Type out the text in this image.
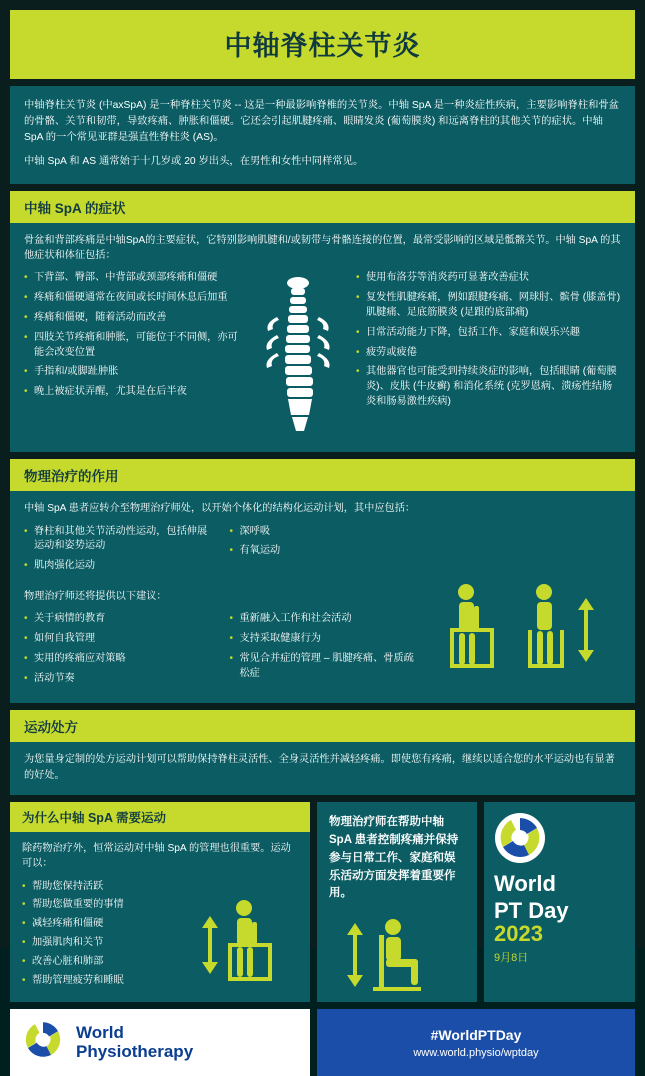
中轴脊柱关节炎

中轴脊柱关节炎 (中axSpA) 是一种脊柱关节炎 -- 这是一种最影响脊椎的关节炎。中轴 SpA 是一种炎症性疾病，主要影响脊柱和骨盆的骨骼、关节和韧带，导致疼痛、肿胀和僵硬。它还会引起肌腱疼痛、眼睛发炎 (葡萄膜炎) 和远离脊柱的其他关节的症状。中轴 SpA 的一个常见亚群是强直性脊柱炎 (AS)。

中轴 SpA 和 AS 通常始于十几岁或 20 岁出头，在男性和女性中同样常见。

中轴 SpA 的症状

骨盆和背部疼痛是中轴SpA的主要症状，它特别影响肌腱和/或韧带与骨骼连接的位置，最常受影响的区域是骶髂关节。中轴 SpA 的其他症状和体征包括：

• 下背部、臀部、中背部或颈部疼痛和僵硬
• 疼痛和僵硬通常在夜间或长时间休息后加重
• 疼痛和僵硬，随着活动而改善
• 四肢关节疼痛和肿胀，可能位于不同侧，亦可能会改变位置
• 手指和/或脚趾肿胀
• 晚上被症状弄醒，尤其是在后半夜
• 使用布洛芬等消炎药可显著改善症状
• 复发性肌腱疼痛，例如跟腱疼痛、网球肘、髌骨 (膝盖骨) 肌腱痛、足底筋膜炎 (足跟的底部痛)
• 日常活动能力下降，包括工作、家庭和娱乐兴趣
• 疲劳或疲倦
• 其他器官也可能受到持续炎症的影响，包括眼睛 (葡萄膜炎)、皮肤 (牛皮癣) 和消化系统 (克罗恩病、溃疡性结肠炎和肠易激性疾病)
物理治疗的作用

中轴 SpA 患者应转介至物理治疗师处，以开始个体化的结构化运动计划，其中应包括：

• 脊柱和其他关节活动性运动，包括伸展运动和姿势运动
• 肌肉强化运动
• 深呼吸
• 有氧运动

物理治疗师还将提供以下建议：

• 关于病情的教育
• 如何自我管理
• 实用的疼痛应对策略
• 活动节奏
• 重新融入工作和社会活动
• 支持采取健康行为
• 常见合并症的管理 – 肌腱疼痛、骨质疏松症
运动处方
为您量身定制的处方运动计划可以帮助保持脊柱灵活性、全身灵活性并减轻疼痛。即使您有疼痛，继续以适合您的水平运动也有显著的好处。
为什么中轴 SpA 需要运动

除药物治疗外，恒常运动对中轴 SpA 的管理也很重要。运动可以：

• 帮助您保持活跃
• 帮助您做重要的事情
• 减轻疼痛和僵硬
• 加强肌肉和关节
• 改善心脏和肺部
• 帮助管理疲劳和睡眠
物理治疗师在帮助中轴 SpA 患者控制疼痛并保持参与日常工作、家庭和娱乐活动方面发挥着重要作用。	World
PT Day
2023
9月8日
World
Physiotherapy
#WorldPTDay
www.world.physio/wptday
